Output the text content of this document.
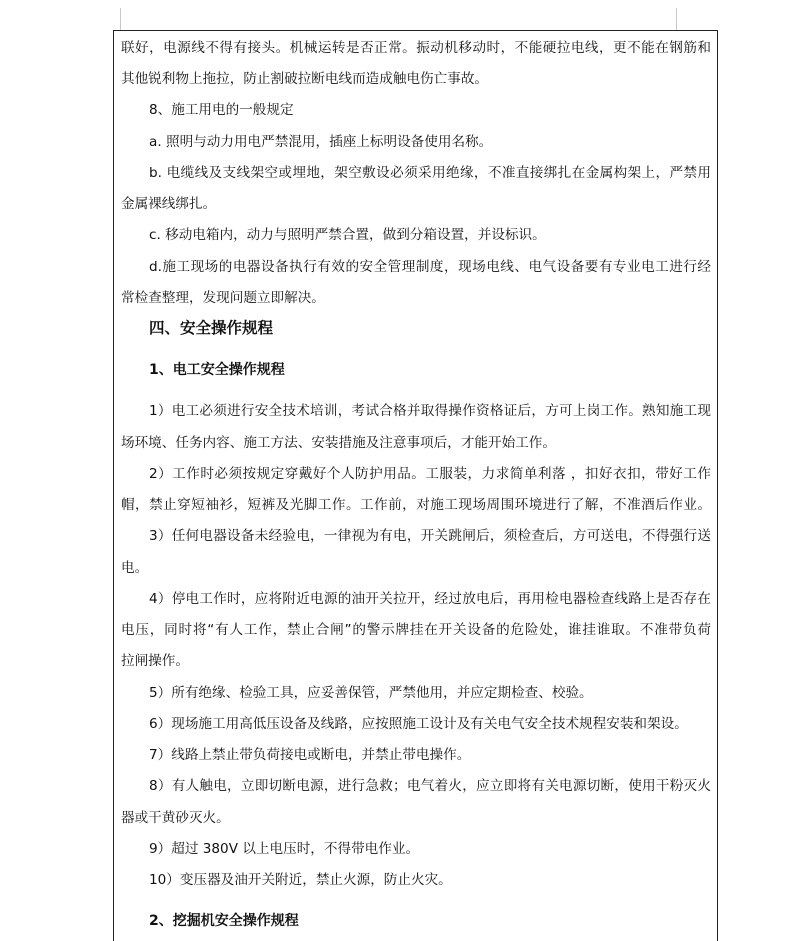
联好，电源线不得有接头。机械运转是否正常。振动机移动时，不能硬拉电线，更不能在钢筋和
其他锐利物上拖拉，防止割破拉断电线而造成触电伤亡事故。
8、施工用电的一般规定
a. 照明与动力用电严禁混用，插座上标明设备使用名称。
b. 电缆线及支线架空或埋地，架空敷设必须采用绝缘，不准直接绑扎在金属构架上，严禁用
金属裸线绑扎。
c. 移动电箱内，动力与照明严禁合置，做到分箱设置，并设标识。
d.施工现场的电器设备执行有效的安全管理制度，现场电线、电气设备要有专业电工进行经
常检查整理，发现问题立即解决。
四、安全操作规程
1、电工安全操作规程
1）电工必须进行安全技术培训，考试合格并取得操作资格证后，方可上岗工作。熟知施工现
场环境、任务内容、施工方法、安装措施及注意事项后，才能开始工作。
2）工作时必须按规定穿戴好个人防护用品。工服装，力求简单利落 ，扣好衣扣，带好工作
帽，禁止穿短袖衫，短裤及光脚工作。工作前，对施工现场周围环境进行了解，不准酒后作业。
3）任何电器设备未经验电，一律视为有电，开关跳闸后，须检查后，方可送电，不得强行送
电。
4）停电工作时，应将附近电源的油开关拉开，经过放电后，再用检电器检查线路上是否存在
电压，同时将“有人工作，禁止合闸”的警示牌挂在开关设备的危险处，谁挂谁取。不准带负荷
拉闸操作。
5）所有绝缘、检验工具，应妥善保管，严禁他用，并应定期检查、校验。
6）现场施工用高低压设备及线路，应按照施工设计及有关电气安全技术规程安装和架设。
7）线路上禁止带负荷接电或断电，并禁止带电操作。
8）有人触电，立即切断电源，进行急救；电气着火，应立即将有关电源切断，使用干粉灭火
器或干黄砂灭火。
9）超过 380V 以上电压时，不得带电作业。
10）变压器及油开关附近，禁止火源，防止火灾。
2、挖掘机安全操作规程
